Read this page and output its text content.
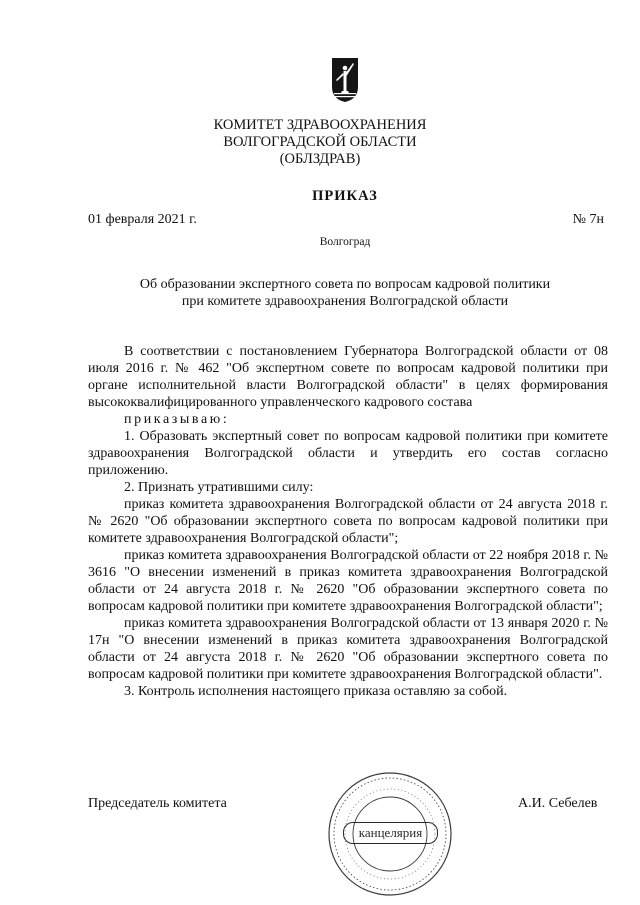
КОМИТЕТ ЗДРАВООХРАНЕНИЯ
ВОЛГОГРАДСКОЙ ОБЛАСТИ
(ОБЛЗДРАВ)
ПРИКАЗ
01 февраля 2021 г.	№ 7н
Волгоград
Об образовании экспертного совета по вопросам кадровой политики
при комитете здравоохранения Волгоградской области

В соответствии с постановлением Губернатора Волгоградской области от 08 июля 2016 г. № 462 "Об экспертном совете по вопросам кадровой политики при органе исполнительной власти Волгоградской области" в целях формирования высококвалифицированного управленческого кадрового состава

приказываю:

1. Образовать экспертный совет по вопросам кадровой политики при комитете здравоохранения Волгоградской области и утвердить его состав согласно приложению.

2. Признать утратившими силу:

приказ комитета здравоохранения Волгоградской области от 24 августа 2018 г. № 2620 "Об образовании экспертного совета по вопросам кадровой политики при комитете здравоохранения Волгоградской области";

приказ комитета здравоохранения Волгоградской области от 22 ноября 2018 г. № 3616 "О внесении изменений в приказ комитета здравоохранения Волгоградской области от 24 августа 2018 г. № 2620 "Об образовании экспертного совета по вопросам кадровой политики при комитете здравоохранения Волгоградской области";

приказ комитета здравоохранения Волгоградской области от 13 января 2020 г. № 17н "О внесении изменений в приказ комитета здравоохранения Волгоградской области от 24 августа 2018 г. № 2620 "Об образовании экспертного совета по вопросам кадровой политики при комитете здравоохранения Волгоградской области".

3. Контроль исполнения настоящего приказа оставляю за собой.

Председатель комитета	А.И. Себелев
канцелярия
